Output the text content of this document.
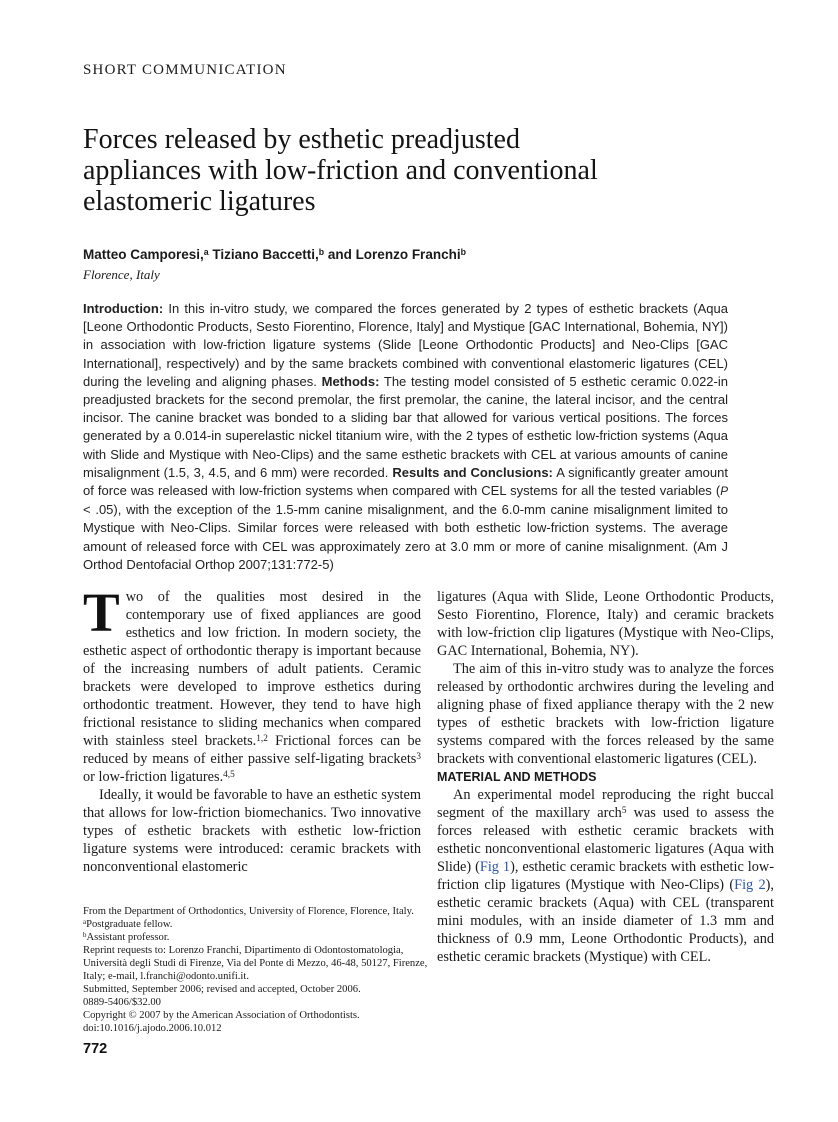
SHORT COMMUNICATION
Forces released by esthetic preadjusted
appliances with low-friction and conventional
elastomeric ligatures
Matteo Camporesi,$^a$ Tiziano Baccetti,$^b$ and Lorenzo Franchi$^b$
Florence, Italy
Introduction: In this in-vitro study, we compared the forces generated by 2 types of esthetic brackets (Aqua [Leone Orthodontic Products, Sesto Fiorentino, Florence, Italy] and Mystique [GAC International, Bohemia, NY]) in association with low-friction ligature systems (Slide [Leone Orthodontic Products] and Neo-Clips [GAC International], respectively) and by the same brackets combined with conventional elastomeric ligatures (CEL) during the leveling and aligning phases. Methods: The testing model consisted of 5 esthetic ceramic 0.022-in preadjusted brackets for the second premolar, the first premolar, the canine, the lateral incisor, and the central incisor. The canine bracket was bonded to a sliding bar that allowed for various vertical positions. The forces generated by a 0.014-in superelastic nickel titanium wire, with the 2 types of esthetic low-friction systems (Aqua with Slide and Mystique with Neo-Clips) and the same esthetic brackets with CEL at various amounts of canine misalignment (1.5, 3, 4.5, and 6 mm) were recorded. Results and Conclusions: A significantly greater amount of force was released with low-friction systems when compared with CEL systems for all the tested variables (P < .05), with the exception of the 1.5-mm canine misalignment, and the 6.0-mm canine misalignment limited to Mystique with Neo-Clips. Similar forces were released with both esthetic low-friction systems. The average amount of released force with CEL was approximately zero at 3.0 mm or more of canine misalignment. (Am J Orthod Dentofacial Orthop 2007;131:772-5)

Two of the qualities most desired in the contemporary use of fixed appliances are good esthetics and low friction. In modern society, the esthetic aspect of orthodontic therapy is important because of the increasing numbers of adult patients. Ceramic brackets were developed to improve esthetics during orthodontic treatment. However, they tend to have high frictional resistance to sliding mechanics when compared with stainless steel brackets.$^{1,2}$ Frictional forces can be reduced by means of either passive self-ligating brackets$^3$ or low-friction ligatures.$^{4,5}$

Ideally, it would be favorable to have an esthetic system that allows for low-friction biomechanics. Two innovative types of esthetic brackets with esthetic low-friction ligature systems were introduced: ceramic brackets with nonconventional elastomeric

ligatures (Aqua with Slide, Leone Orthodontic Products, Sesto Fiorentino, Florence, Italy) and ceramic brackets with low-friction clip ligatures (Mystique with Neo-Clips, GAC International, Bohemia, NY).

The aim of this in-vitro study was to analyze the forces released by orthodontic archwires during the leveling and aligning phase of fixed appliance therapy with the 2 new types of esthetic brackets with low-friction ligature systems compared with the forces released by the same brackets with conventional elastomeric ligatures (CEL).

MATERIAL AND METHODS

An experimental model reproducing the right buccal segment of the maxillary arch$^5$ was used to assess the forces released with esthetic ceramic brackets with esthetic nonconventional elastomeric ligatures (Aqua with Slide) (Fig 1), esthetic ceramic brackets with esthetic low-friction clip ligatures (Mystique with Neo-Clips) (Fig 2), esthetic ceramic brackets (Aqua) with CEL (transparent mini modules, with an inside diameter of 1.3 mm and thickness of 0.9 mm, Leone Orthodontic Products), and esthetic ceramic brackets (Mystique) with CEL.

From the Department of Orthodontics, University of Florence, Florence, Italy.

$^a$Postgraduate fellow.

$^b$Assistant professor.

Reprint requests to: Lorenzo Franchi, Dipartimento di Odontostomatologia, Università degli Studi di Firenze, Via del Ponte di Mezzo, 46-48, 50127, Firenze, Italy; e-mail, l.franchi@odonto.unifi.it.

Submitted, September 2006; revised and accepted, October 2006.

0889-5406/$32.00

Copyright © 2007 by the American Association of Orthodontists.

doi:10.1016/j.ajodo.2006.10.012

772
